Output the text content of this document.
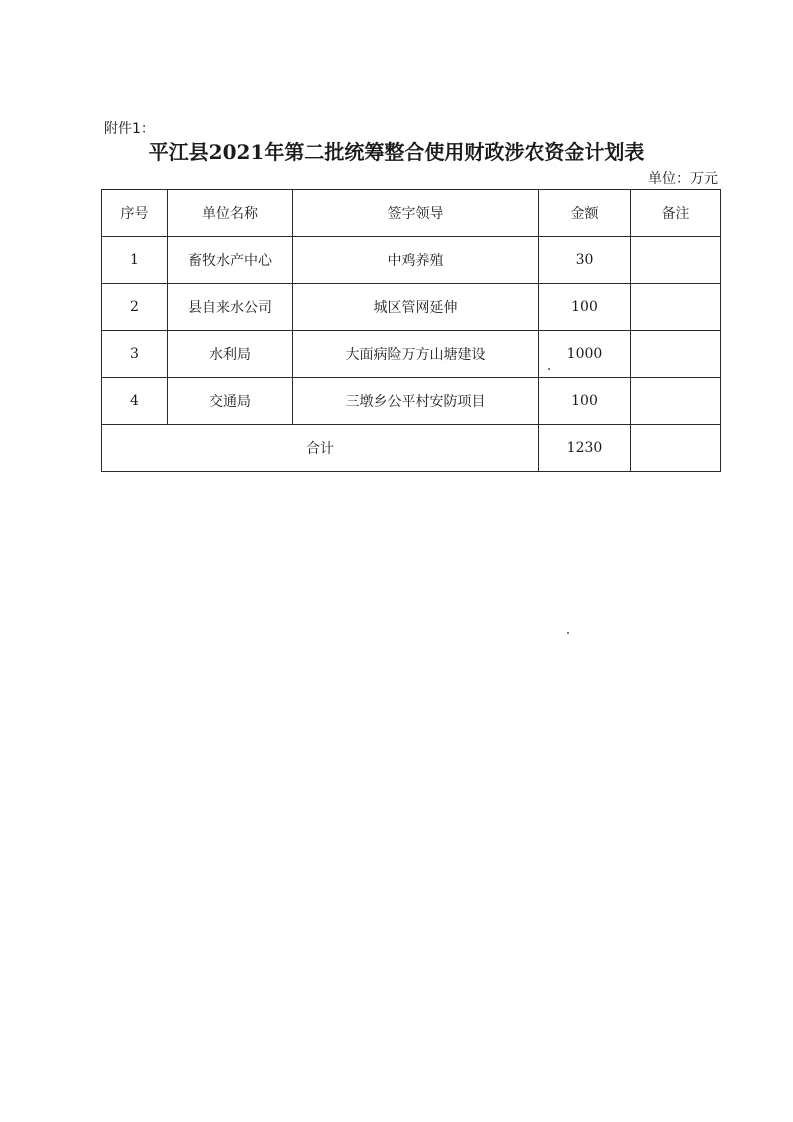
附件1：
平江县2021年第二批统筹整合使用财政涉农资金计划表
单位：万元
序号	单位名称	签字领导	金额	备注
1	畜牧水产中心	中鸡养殖	30	
2	县自来水公司	城区管网延伸	100	
3	水利局	大面病险万方山塘建设	1000	
4	交通局	三墩乡公平村安防项目	100	
合计			1230	
